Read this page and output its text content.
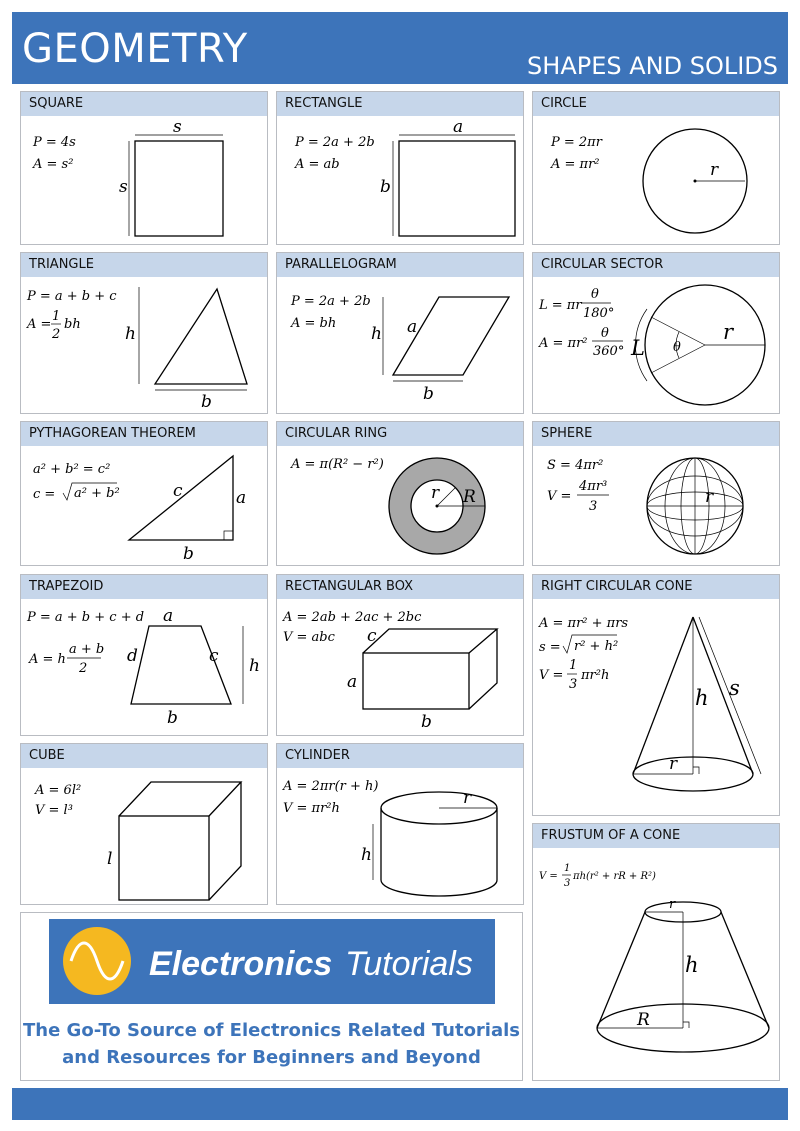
GEOMETRY	SHAPES AND SOLIDS
SQUARE
P = 4s
A = s²
s
s
RECTANGLE
P = 2a + 2b
A = ab
a
b
CIRCLE
P = 2πr
A = πr²	r
TRIANGLE
P = a + b + c
A =
1
2
bh	h
b
PARALLELOGRAM
P = 2a + 2b
A = bh
h a
b
CIRCULAR SECTOR
L = πr
θ
180°
A = πr²
θ
360° L θ
r
PYTHAGOREAN THEOREM
a² + b² = c²
c = a² + b²	c	a
b
CIRCULAR RING
A = π(R² − r²)
r R
SPHERE
S = 4πr²
V =
4πr³
3	r
TRAPEZOID
P = a + b + c + d
A = h
a + b
2
a
b
c
d	h
RECTANGULAR BOX
A = 2ab + 2ac + 2bc
V = abc c
a
b
RIGHT CIRCULAR CONE
A = πr² + πrs
s = r² + h²
V =
1
3
πr²h
h s
r
CUBE
A = 6l²
V = l³
l
CYLINDER
A = 2πr(r + h)
V = πr²h
r
h
FRUSTUM OF A CONE
V =
1
3
πh(r² + rR + R²)
r
h
R
Electronics Tutorials
The Go-To Source of Electronics Related Tutorials
and Resources for Beginners and Beyond
